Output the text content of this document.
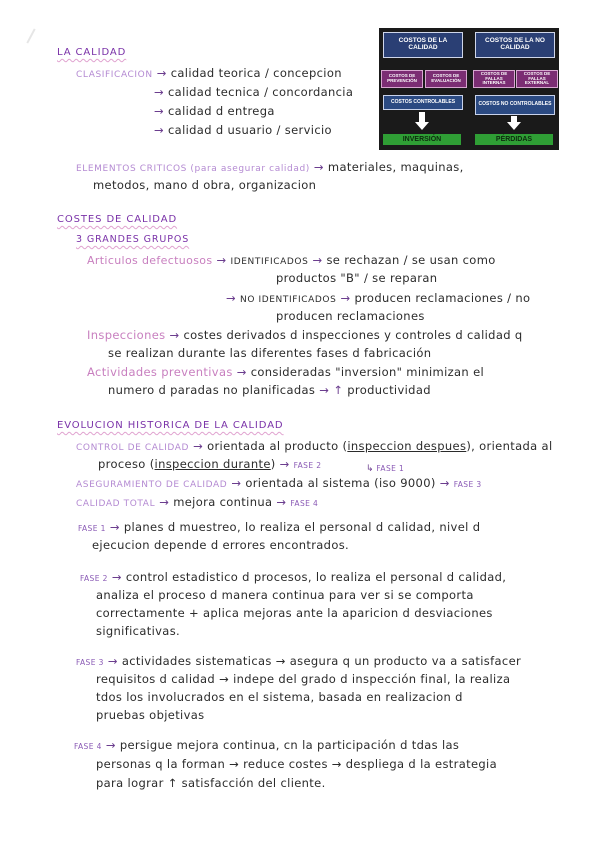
LA CALIDAD
CLASIFICACION → calidad teorica / concepcion
→ calidad tecnica / concordancia
→ calidad d entrega
→ calidad d usuario / servicio
ELEMENTOS CRITICOS (para asegurar calidad) → materiales, maquinas,
metodos, mano d obra, organizacion
COSTOS DE LA CALIDAD
COSTOS DE LA NO CALIDAD
COSTOS DE PREVENCIÓN
COSTOS DE EVALUACIÓN
COSTOS DE FALLAS INTERNAS
COSTOS DE FALLAS EXTERNAL
COSTOS CONTROLABLES	COSTOS NO CONTROLABLES
INVERSIÓN	PÉRDIDAS
COSTES DE CALIDAD
3 GRANDES GRUPOS
Articulos defectuosos → IDENTIFICADOS → se rechazan / se usan como
productos "B" / se reparan
→ NO IDENTIFICADOS → producen reclamaciones / no
producen reclamaciones
Inspecciones → costes derivados d inspecciones y controles d calidad q
se realizan durante las diferentes fases d fabricación
Actividades preventivas → consideradas "inversion" minimizan el
numero d paradas no planificadas → ↑ productividad
EVOLUCION HISTORICA DE LA CALIDAD
CONTROL DE CALIDAD → orientada al producto (inspeccion despues), orientada al
proceso (inspeccion durante) → FASE 2	↳ FASE 1
ASEGURAMIENTO DE CALIDAD → orientada al sistema (iso 9000) → FASE 3
CALIDAD TOTAL → mejora continua → FASE 4
FASE 1 → planes d muestreo, lo realiza el personal d calidad, nivel d
ejecucion depende d errores encontrados.
FASE 2 → control estadistico d procesos, lo realiza el personal d calidad,
analiza el proceso d manera continua para ver si se comporta
correctamente + aplica mejoras ante la aparicion d desviaciones
significativas.
FASE 3 → actividades sistematicas → asegura q un producto va a satisfacer
requisitos d calidad → indepe del grado d inspección final, la realiza
tdos los involucrados en el sistema, basada en realizacion d
pruebas objetivas
FASE 4 → persigue mejora continua, cn la participación d tdas las
personas q la forman → reduce costes → despliega d la estrategia
para lograr ↑ satisfacción del cliente.
